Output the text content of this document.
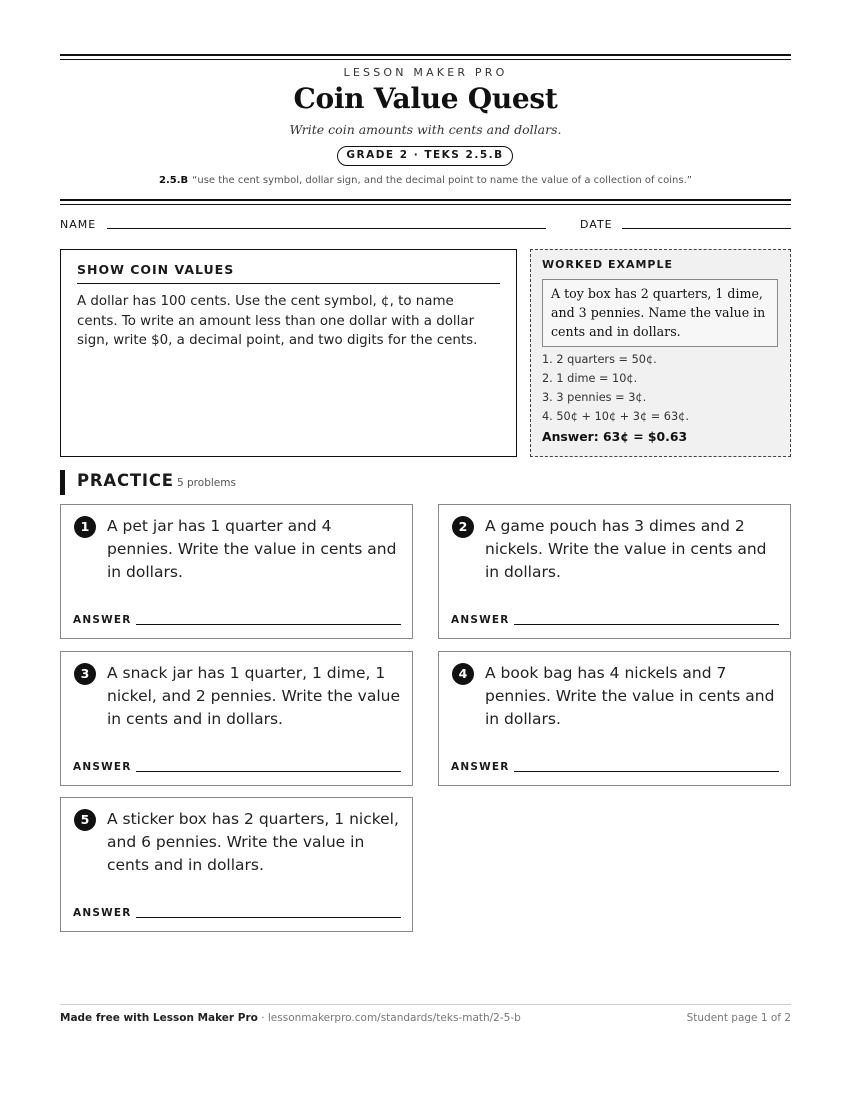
LESSON MAKER PRO
Coin Value Quest
Write coin amounts with cents and dollars.
GRADE 2 · TEKS 2.5.B
2.5.B “use the cent symbol, dollar sign, and the decimal point to name the value of a collection of coins.”
NAME	DATE
SHOW COIN VALUES
A dollar has 100 cents. Use the cent symbol, ¢, to name cents. To write an amount less than one dollar with a dollar sign, write $0, a decimal point, and two digits for the cents.
WORKED EXAMPLE
A toy box has 2 quarters, 1 dime, and 3 pennies. Name the value in cents and in dollars.
1. 2 quarters = 50¢.
2. 1 dime = 10¢.
3. 3 pennies = 3¢.
4. 50¢ + 10¢ + 3¢ = 63¢.
Answer: 63¢ = $0.63
PRACTICE 5 problems
1	A pet jar has 1 quarter and 4 pennies. Write the value in cents and in dollars.
ANSWER
2	A game pouch has 3 dimes and 2 nickels. Write the value in cents and in dollars.
ANSWER
3	A snack jar has 1 quarter, 1 dime, 1 nickel, and 2 pennies. Write the value in cents and in dollars.
ANSWER
4	A book bag has 4 nickels and 7 pennies. Write the value in cents and in dollars.
ANSWER
5	A sticker box has 2 quarters, 1 nickel, and 6 pennies. Write the value in cents and in dollars.
ANSWER
Made free with Lesson Maker Pro · lessonmakerpro.com/standards/teks-math/2-5-b	Student page 1 of 2
